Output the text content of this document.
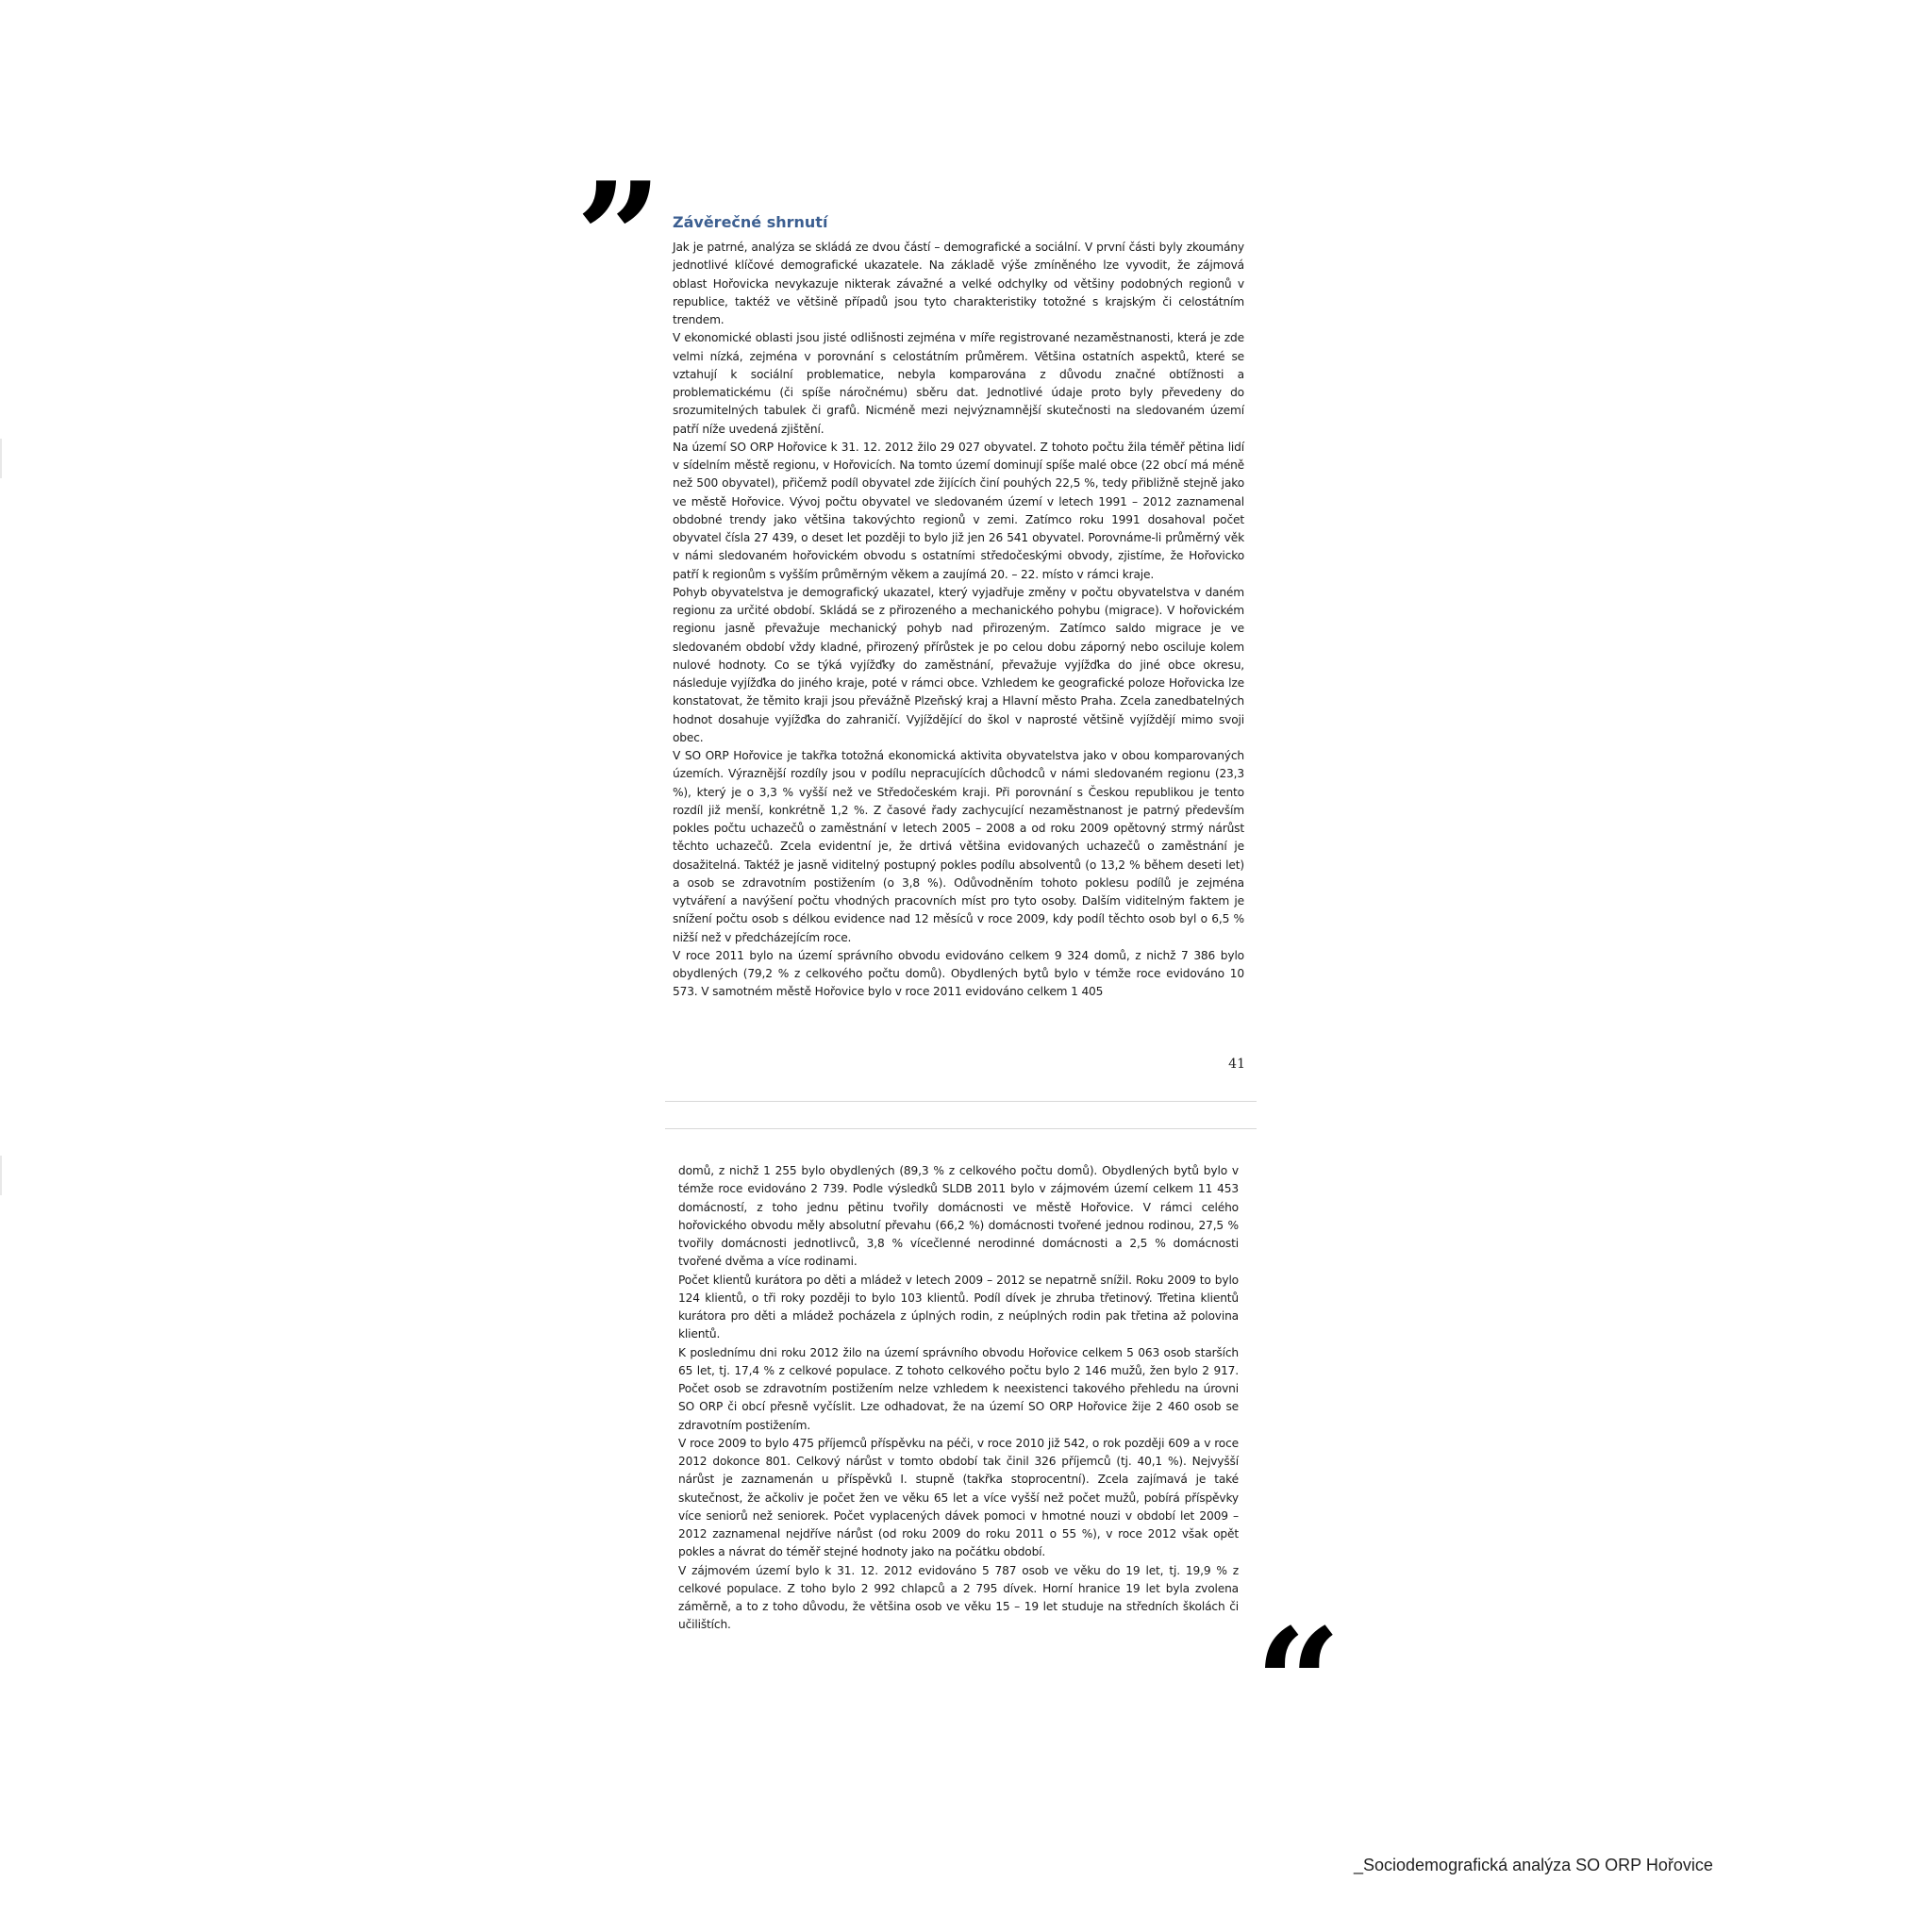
” Závěrečné shrnutí

Jak je patrné, analýza se skládá ze dvou částí – demografické a sociální. V první části byly zkoumány jednotlivé klíčové demografické ukazatele. Na základě výše zmíněného lze vyvodit, že zájmová oblast Hořovicka nevykazuje nikterak závažné a velké odchylky od většiny podobných regionů v republice, taktéž ve většině případů jsou tyto charakteristiky totožné s krajským či celostátním trendem.

V ekonomické oblasti jsou jisté odlišnosti zejména v míře registrované nezaměstnanosti, která je zde velmi nízká, zejména v porovnání s celostátním průměrem. Většina ostatních aspektů, které se vztahují k sociální problematice, nebyla komparována z důvodu značné obtížnosti a problematickému (či spíše náročnému) sběru dat. Jednotlivé údaje proto byly převedeny do srozumitelných tabulek či grafů. Nicméně mezi nejvýznamnější skutečnosti na sledovaném území patří níže uvedená zjištění.

Na území SO ORP Hořovice k 31. 12. 2012 žilo 29 027 obyvatel. Z tohoto počtu žila téměř pětina lidí v sídelním městě regionu, v Hořovicích. Na tomto území dominují spíše malé obce (22 obcí má méně než 500 obyvatel), přičemž podíl obyvatel zde žijících činí pouhých 22,5 %, tedy přibližně stejně jako ve městě Hořovice. Vývoj počtu obyvatel ve sledovaném území v letech 1991 – 2012 zaznamenal obdobné trendy jako většina takovýchto regionů v zemi. Zatímco roku 1991 dosahoval počet obyvatel čísla 27 439, o deset let později to bylo již jen 26 541 obyvatel. Porovnáme-li průměrný věk v námi sledovaném hořovickém obvodu s ostatními středočeskými obvody, zjistíme, že Hořovicko patří k regionům s vyšším průměrným věkem a zaujímá 20. – 22. místo v rámci kraje.

Pohyb obyvatelstva je demografický ukazatel, který vyjadřuje změny v počtu obyvatelstva v daném regionu za určité období. Skládá se z přirozeného a mechanického pohybu (migrace). V hořovickém regionu jasně převažuje mechanický pohyb nad přirozeným. Zatímco saldo migrace je ve sledovaném období vždy kladné, přirozený přírůstek je po celou dobu záporný nebo osciluje kolem nulové hodnoty. Co se týká vyjížďky do zaměstnání, převažuje vyjížďka do jiné obce okresu, následuje vyjížďka do jiného kraje, poté v rámci obce. Vzhledem ke geografické poloze Hořovicka lze konstatovat, že těmito kraji jsou převážně Plzeňský kraj a Hlavní město Praha. Zcela zanedbatelných hodnot dosahuje vyjížďka do zahraničí. Vyjíždějící do škol v naprosté většině vyjíždějí mimo svoji obec.

V SO ORP Hořovice je takřka totožná ekonomická aktivita obyvatelstva jako v obou komparovaných územích. Výraznější rozdíly jsou v podílu nepracujících důchodců v námi sledovaném regionu (23,3 %), který je o 3,3 % vyšší než ve Středočeském kraji. Při porovnání s Českou republikou je tento rozdíl již menší, konkrétně 1,2 %. Z časové řady zachycující nezaměstnanost je patrný především pokles počtu uchazečů o zaměstnání v letech 2005 – 2008 a od roku 2009 opětovný strmý nárůst těchto uchazečů. Zcela evidentní je, že drtivá většina evidovaných uchazečů o zaměstnání je dosažitelná. Taktéž je jasně viditelný postupný pokles podílu absolventů (o 13,2 % během deseti let) a osob se zdravotním postižením (o 3,8 %). Odůvodněním tohoto poklesu podílů je zejména vytváření a navýšení počtu vhodných pracovních míst pro tyto osoby. Dalším viditelným faktem je snížení počtu osob s délkou evidence nad 12 měsíců v roce 2009, kdy podíl těchto osob byl o 6,5 % nižší než v předcházejícím roce.

V roce 2011 bylo na území správního obvodu evidováno celkem 9 324 domů, z nichž 7 386 bylo obydlených (79,2 % z celkového počtu domů). Obydlených bytů bylo v témže roce evidováno 10 573. V samotném městě Hořovice bylo v roce 2011 evidováno celkem 1 405

41

domů, z nichž 1 255 bylo obydlených (89,3 % z celkového počtu domů). Obydlených bytů bylo v témže roce evidováno 2 739. Podle výsledků SLDB 2011 bylo v zájmovém území celkem 11 453 domácností, z toho jednu pětinu tvořily domácnosti ve městě Hořovice. V rámci celého hořovického obvodu měly absolutní převahu (66,2 %) domácnosti tvořené jednou rodinou, 27,5 % tvořily domácnosti jednotlivců, 3,8 % vícečlenné nerodinné domácnosti a 2,5 % domácnosti tvořené dvěma a více rodinami.

Počet klientů kurátora po děti a mládež v letech 2009 – 2012 se nepatrně snížil. Roku 2009 to bylo 124 klientů, o tři roky později to bylo 103 klientů. Podíl dívek je zhruba třetinový. Třetina klientů kurátora pro děti a mládež pocházela z úplných rodin, z neúplných rodin pak třetina až polovina klientů.

K poslednímu dni roku 2012 žilo na území správního obvodu Hořovice celkem 5 063 osob starších 65 let, tj. 17,4 % z celkové populace. Z tohoto celkového počtu bylo 2 146 mužů, žen bylo 2 917. Počet osob se zdravotním postižením nelze vzhledem k neexistenci takového přehledu na úrovni SO ORP či obcí přesně vyčíslit. Lze odhadovat, že na území SO ORP Hořovice žije 2 460 osob se zdravotním postižením.

V roce 2009 to bylo 475 příjemců příspěvku na péči, v roce 2010 již 542, o rok později 609 a v roce 2012 dokonce 801. Celkový nárůst v tomto období tak činil 326 příjemců (tj. 40,1 %). Nejvyšší nárůst je zaznamenán u příspěvků I. stupně (takřka stoprocentní). Zcela zajímavá je také skutečnost, že ačkoliv je počet žen ve věku 65 let a více vyšší než počet mužů, pobírá příspěvky více seniorů než seniorek. Počet vyplacených dávek pomoci v hmotné nouzi v období let 2009 – 2012 zaznamenal nejdříve nárůst (od roku 2009 do roku 2011 o 55 %), v roce 2012 však opět pokles a návrat do téměř stejné hodnoty jako na počátku období.

V zájmovém území bylo k 31. 12. 2012 evidováno 5 787 osob ve věku do 19 let, tj. 19,9 % z celkové populace. Z toho bylo 2 992 chlapců a 2 795 dívek. Horní hranice 19 let byla zvolena záměrně, a to z toho důvodu, že většina osob ve věku 15 – 19 let studuje na středních školách či učilištích.	“
_Sociodemografická analýza SO ORP Hořovice
